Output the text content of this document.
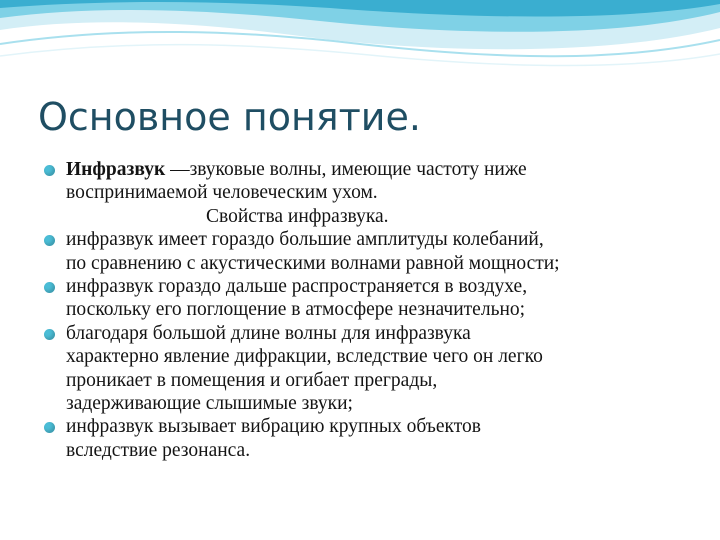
Основное понятие.
Инфразвук —звуковые волны, имеющие частоту ниже
воспринимаемой человеческим ухом.
Свойства инфразвука.
инфразвук имеет гораздо большие амплитуды колебаний,
по сравнению с акустическими волнами равной мощности;
инфразвук гораздо дальше распространяется в воздухе,
поскольку его поглощение в атмосфере незначительно;
благодаря большой длине волны для инфразвука
характерно явление дифракции, вследствие чего он легко
проникает в помещения и огибает преграды,
задерживающие слышимые звуки;
инфразвук вызывает вибрацию крупных объектов
вследствие резонанса.
